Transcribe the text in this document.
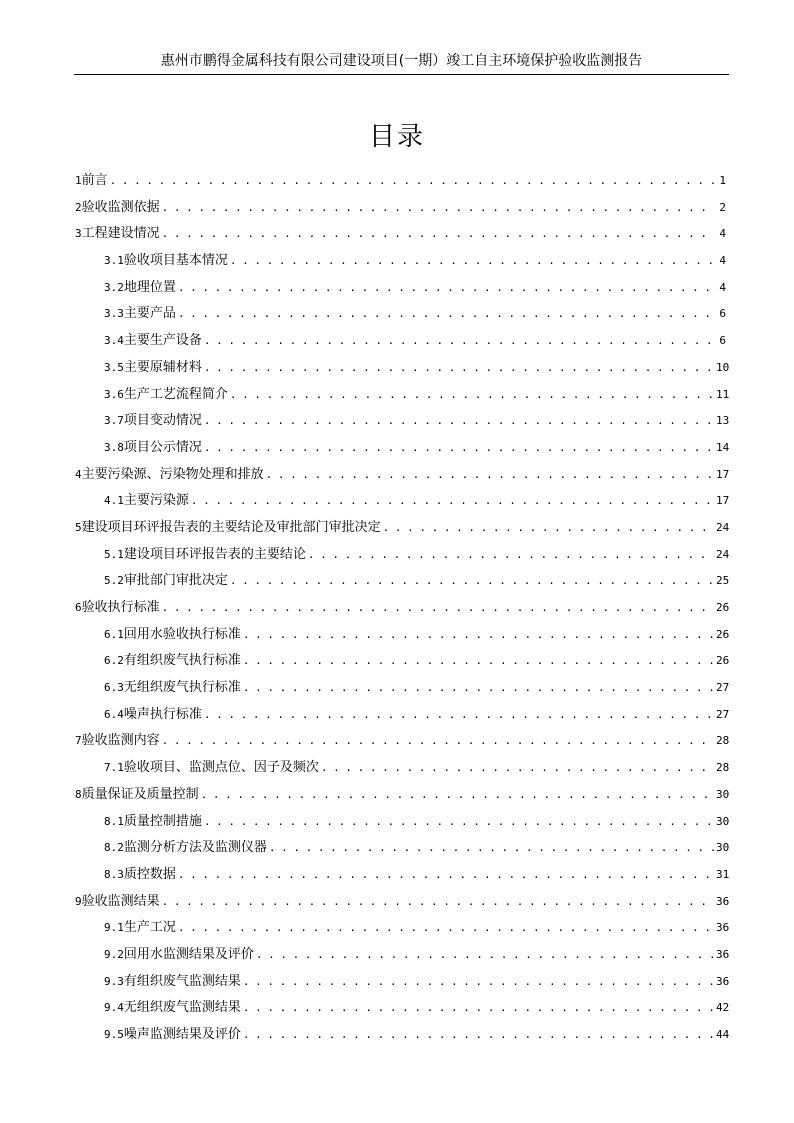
惠州市鹏得金属科技有限公司建设项目(一期）竣工自主环境保护验收监测报告
目录
1 前言 . . .	1
2 验收监测依据 . . .	2
3 工程建设情况 . . .	4
3.1 验收项目基本情况 . . .	4
3.2 地理位置 . . .	4
3.3 主要产品 . . .	6
3.4 主要生产设备 . . .	6
3.5 主要原辅材料 . . .	10
3.6 生产工艺流程简介 . . .	11
3.7 项目变动情况 . . .	13
3.8 项目公示情况 . . .	14
4 主要污染源、污染物处理和排放 . . .	17
4.1 主要污染源 . . .	17
5 建设项目环评报告表的主要结论及审批部门审批决定 . . .	24
5.1 建设项目环评报告表的主要结论 . . .	24
5.2 审批部门审批决定 . . .	25
6 验收执行标准 . . .	26
6.1 回用水验收执行标准 . . .	26
6.2 有组织废气执行标准 . . .	26
6.3 无组织废气执行标准 . . .	27
6.4 噪声执行标准 . . .	27
7 验收监测内容 . . .	28
7.1 验收项目、监测点位、因子及频次 . . .	28
8 质量保证及质量控制 . . .	30
8.1 质量控制措施 . . .	30
8.2 监测分析方法及监测仪器 . . .	30
8.3 质控数据 . . .	31
9 验收监测结果 . . .	36
9.1 生产工况 . . .	36
9.2 回用水监测结果及评价 . . .	36
9.3 有组织废气监测结果 . . .	36
9.4 无组织废气监测结果 . . .	42
9.5 噪声监测结果及评价 . . .	44
